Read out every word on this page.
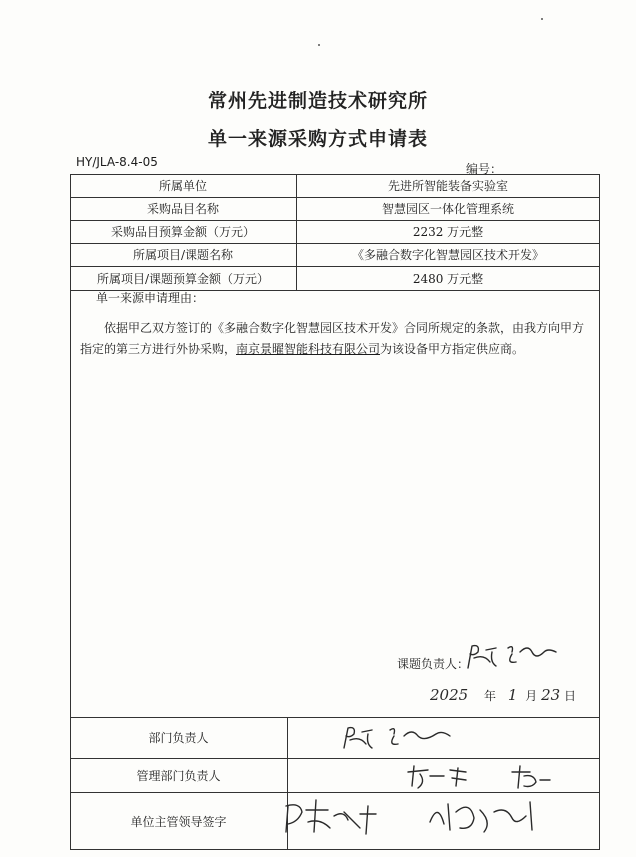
常州先进制造技术研究所
单一来源采购方式申请表
HY/JLA-8.4-05	编号：
所属单位	先进所智能装备实验室
采购品目名称	智慧园区一体化管理系统
采购品目预算金额（万元）	2232 万元整
所属项目/课题名称	《多融合数字化智慧园区技术开发》
所属项目/课题预算金额（万元）	2480 万元整
单一来源申请理由：
依据甲乙双方签订的《多融合数字化智慧园区技术开发》合同所规定的条款，由我方向甲方指定的第三方进行外协采购，南京景曜智能科技有限公司为该设备甲方指定供应商。
课题负责人：
2025 年 1 月 23 日
部门负责人
管理部门负责人
单位主管领导签字
